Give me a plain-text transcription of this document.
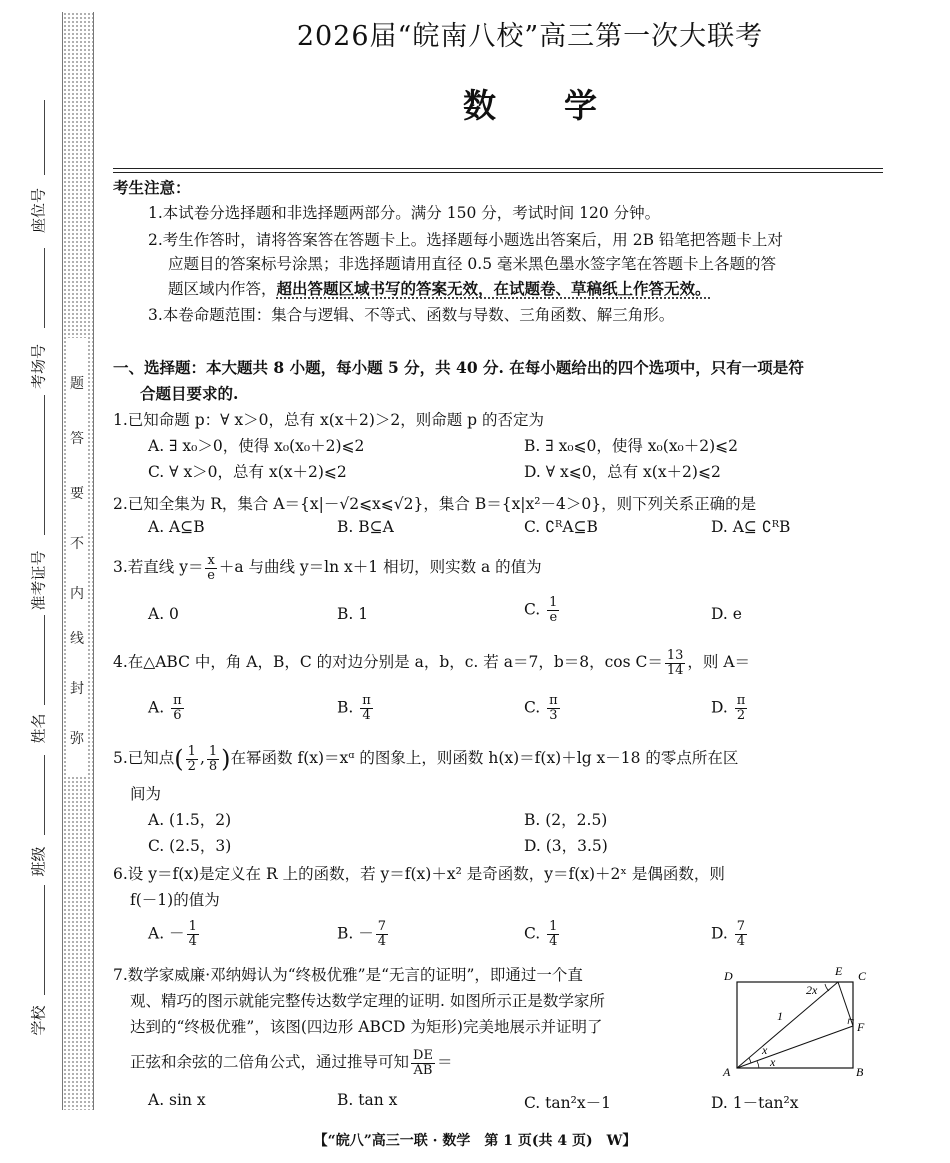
题
答
要
不
内
线
封
弥
座位号
考场号
准考证号
姓名
班级
学校
2026届“皖南八校”高三第一次大联考
数学
考生注意：
1.本试卷分选择题和非选择题两部分。满分 150 分，考试时间 120 分钟。
2.考生作答时，请将答案答在答题卡上。选择题每小题选出答案后，用 2B 铅笔把答题卡上对
应题目的答案标号涂黑；非选择题请用直径 0.5 毫米黑色墨水签字笔在答题卡上各题的答
题区域内作答，超出答题区域书写的答案无效，在试题卷、草稿纸上作答无效。
3.本卷命题范围：集合与逻辑、不等式、函数与导数、三角函数、解三角形。
一、选择题：本大题共 8 小题，每小题 5 分，共 40 分. 在每小题给出的四个选项中，只有一项是符
合题目要求的.
1.已知命题 p：∀ x＞0，总有 x(x＋2)＞2，则命题 p 的否定为
A. ∃ x₀＞0，使得 x₀(x₀＋2)⩽2	B. ∃ x₀⩽0，使得 x₀(x₀＋2)⩽2
C. ∀ x＞0，总有 x(x＋2)⩽2	D. ∀ x⩽0，总有 x(x＋2)⩽2
2.已知全集为 R，集合 A＝{x|－√2⩽x⩽√2}，集合 B＝{x|x²－4＞0}，则下列关系正确的是
A. A⊆B	B. B⊆A	C. ∁ᴿA⊆B	D. A⊆ ∁ᴿB
3.若直线 $y= \frac{x}{e} +a$ 与曲线 y＝ln x＋1 相切，则实数 a 的值为
A. 0	B. 1	C. $\frac{1}{e}$	D. e
4.在△ABC 中，角 A，B，C 的对边分别是 a，b，c. 若 a＝7，b＝8，$\cos C= \frac{13}{14}$ ，则 A＝
A. $\frac{\pi}{6}$	B. $\frac{\pi}{4}$	C. $\frac{\pi}{3}$	D. $\frac{\pi}{2}$
5.已知点( $\frac{1}{2}$ , $\frac{1}{8}$ )在幂函数 f(x)＝xᵅ 的图象上，则函数 h(x)＝f(x)＋lg x－18 的零点所在区
间为
A. (1.5，2)	B. (2，2.5)
C. (2.5，3)	D. (3，3.5)
6.设 y＝f(x)是定义在 R 上的函数，若 y＝f(x)＋x² 是奇函数，y＝f(x)＋2ˣ 是偶函数，则
f(－1)的值为
A. － $\frac{1}{4}$	B. － $\frac{7}{4}$	C. $\frac{1}{4}$	D. $\frac{7}{4}$
7.数学家威廉·邓纳姆认为“终极优雅”是“无言的证明”，即通过一个直
观、精巧的图示就能完整传达数学定理的证明. 如图所示正是数学家所
达到的“终极优雅”，该图(四边形 ABCD 为矩形)完美地展示并证明了
正弦和余弦的二倍角公式，通过推导可知 $\frac{DE}{AB}$ ＝
A. sin x	B. tan x	C. tan²x－1	D. 1－tan²x
D	E C
F
A	B
2x
1
x
x
【“皖八”高三一联 · 数学　第 1 页(共 4 页)　W】
